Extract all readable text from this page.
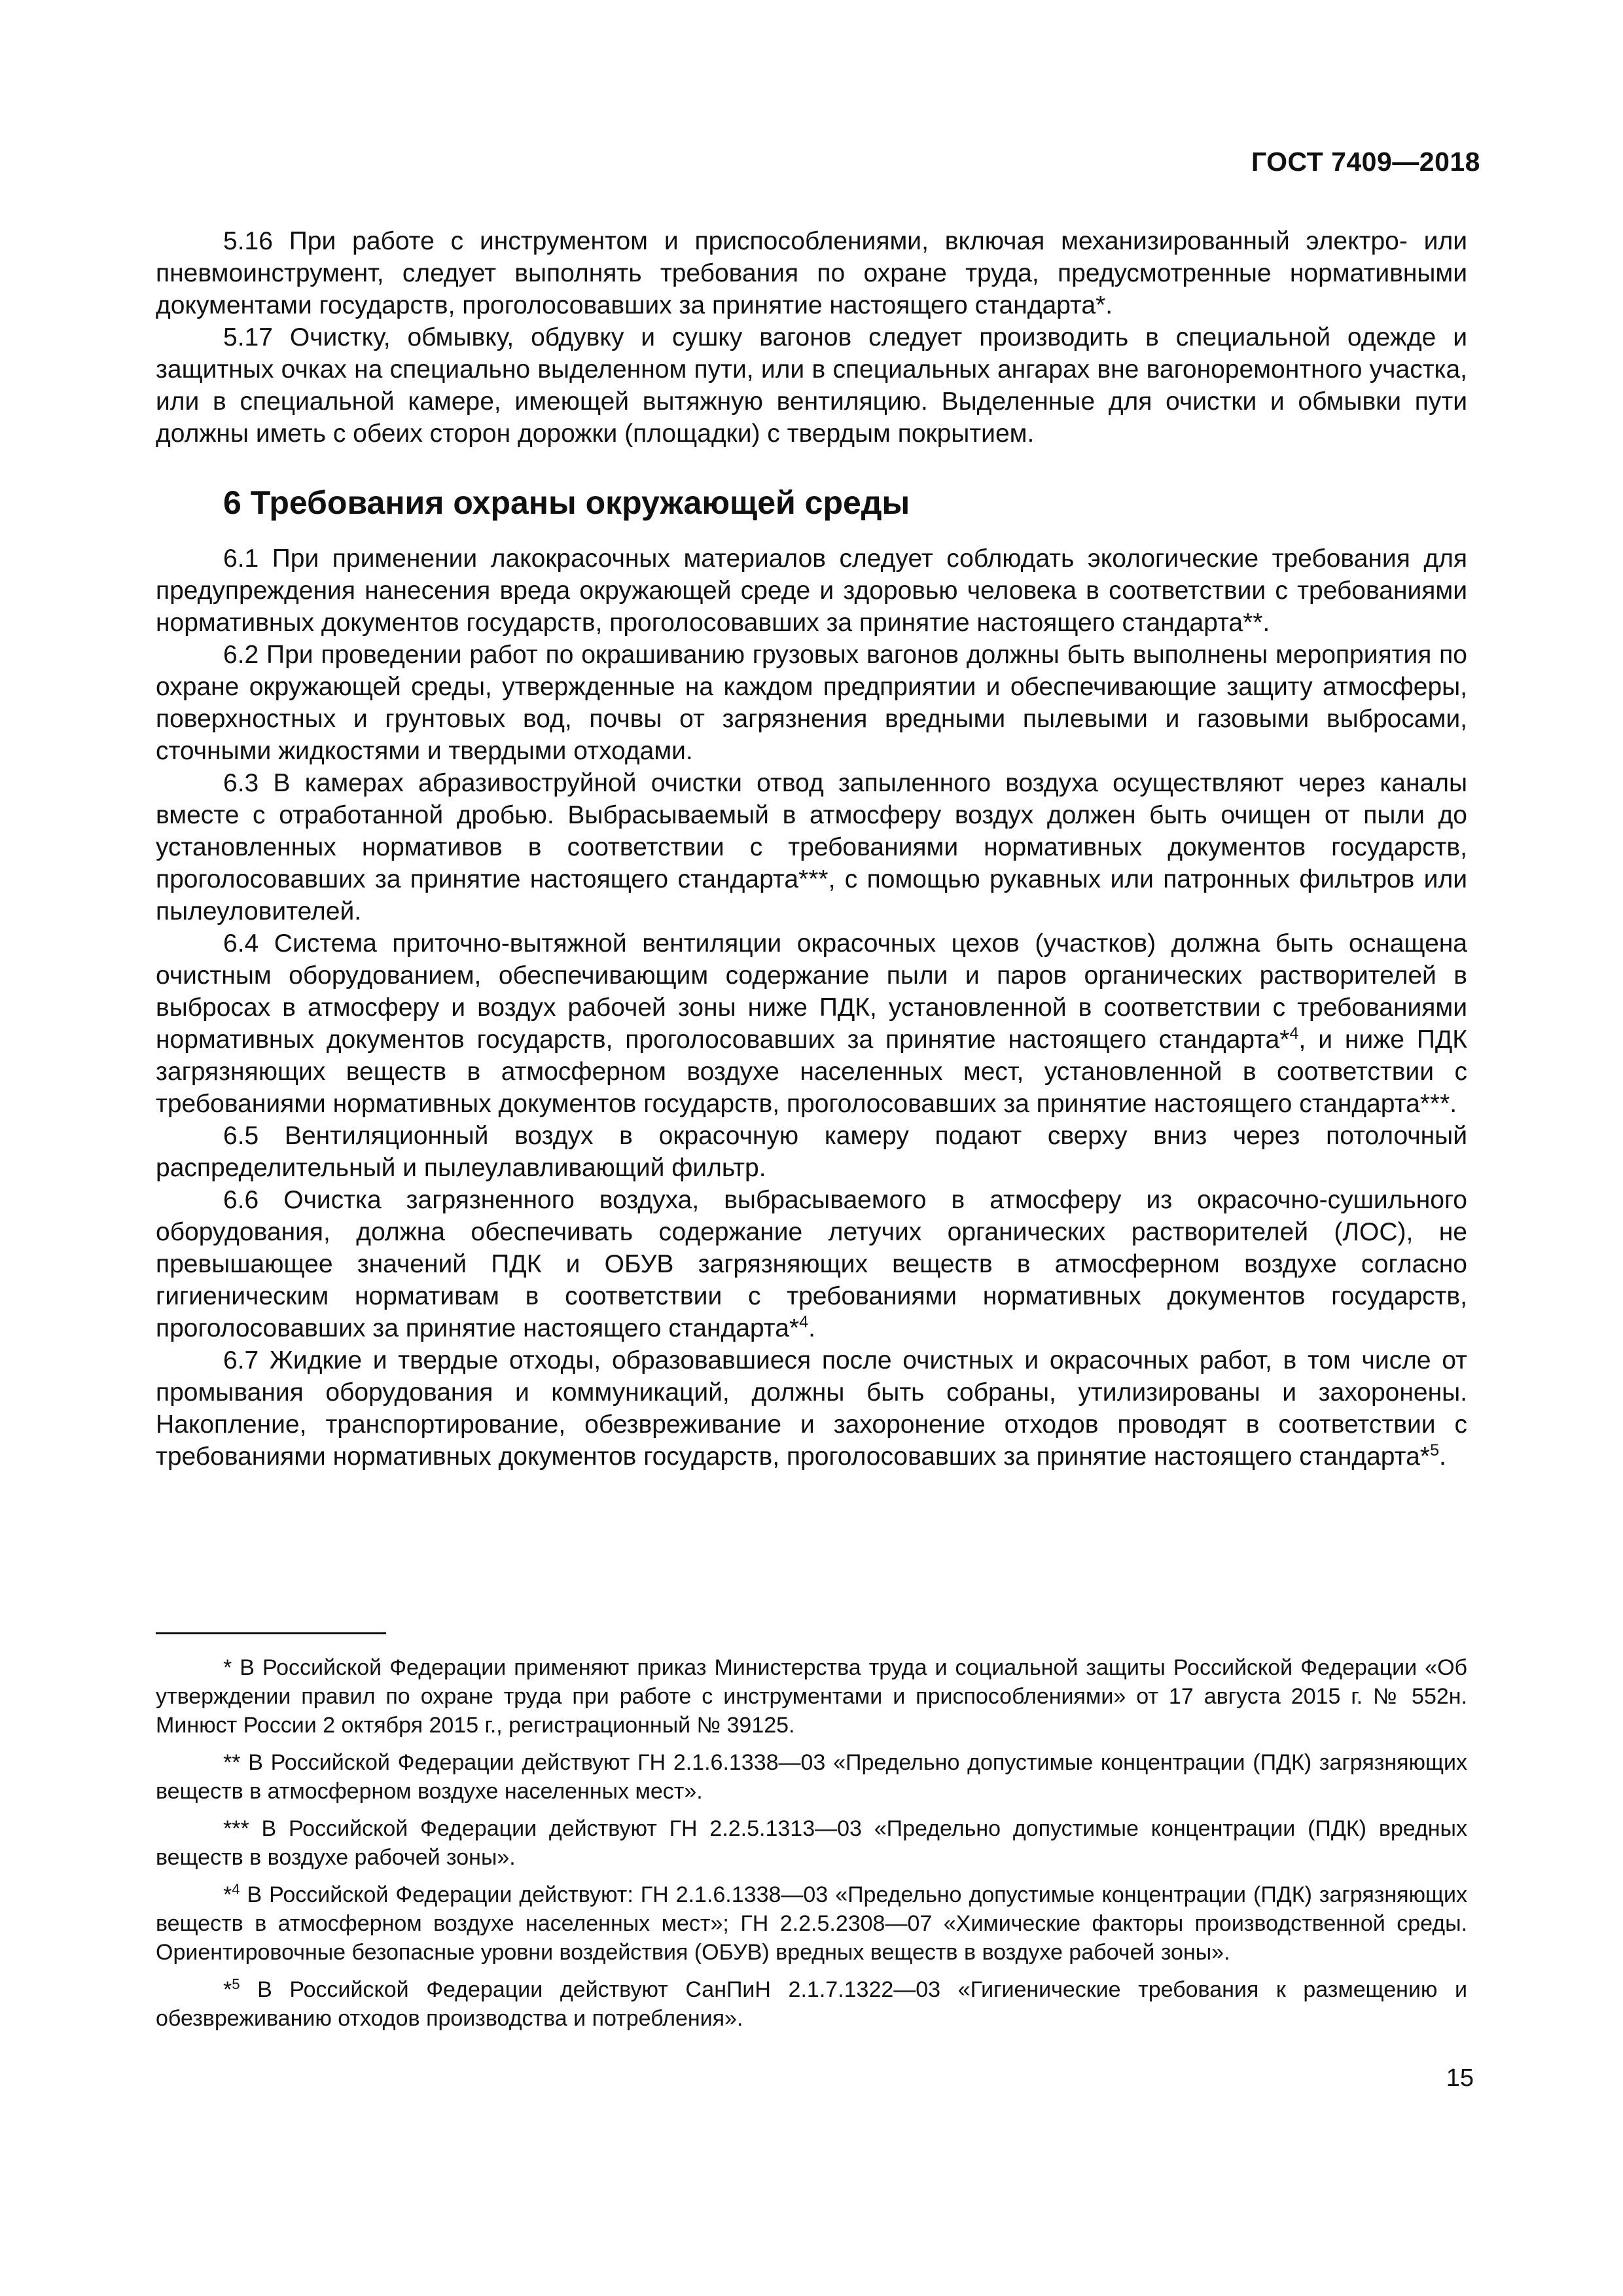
ГОСТ 7409—2018

5.16 При работе с инструментом и приспособлениями, включая механизированный электро- или пневмоинструмент, следует выполнять требования по охране труда, предусмотренные нормативными документами государств, проголосовавших за принятие настоящего стандарта*.

5.17 Очистку, обмывку, обдувку и сушку вагонов следует производить в специальной одежде и защитных очках на специально выделенном пути, или в специальных ангарах вне вагоноремонтного участка, или в специальной камере, имеющей вытяжную вентиляцию. Выделенные для очистки и обмывки пути должны иметь с обеих сторон дорожки (площадки) с твердым покрытием.

6 Требования охраны окружающей среды

6.1 При применении лакокрасочных материалов следует соблюдать экологические требования для предупреждения нанесения вреда окружающей среде и здоровью человека в соответствии с требованиями нормативных документов государств, проголосовавших за принятие настоящего стандарта**.

6.2 При проведении работ по окрашиванию грузовых вагонов должны быть выполнены мероприятия по охране окружающей среды, утвержденные на каждом предприятии и обеспечивающие защиту атмосферы, поверхностных и грунтовых вод, почвы от загрязнения вредными пылевыми и газовыми выбросами, сточными жидкостями и твердыми отходами.

6.3 В камерах абразивоструйной очистки отвод запыленного воздуха осуществляют через каналы вместе с отработанной дробью. Выбрасываемый в атмосферу воздух должен быть очищен от пыли до установленных нормативов в соответствии с требованиями нормативных документов государств, проголосовавших за принятие настоящего стандарта***, с помощью рукавных или патронных фильтров или пылеуловителей.

6.4 Система приточно-вытяжной вентиляции окрасочных цехов (участков) должна быть оснащена очистным оборудованием, обеспечивающим содержание пыли и паров органических растворителей в выбросах в атмосферу и воздух рабочей зоны ниже ПДК, установленной в соответствии с требованиями нормативных документов государств, проголосовавших за принятие настоящего стандарта*$^4$, и ниже ПДК загрязняющих веществ в атмосферном воздухе населенных мест, установленной в соответствии с требованиями нормативных документов государств, проголосовавших за принятие настоящего стандарта***.

6.5 Вентиляционный воздух в окрасочную камеру подают сверху вниз через потолочный распределительный и пылеулавливающий фильтр.

6.6 Очистка загрязненного воздуха, выбрасываемого в атмосферу из окрасочно-сушильного оборудования, должна обеспечивать содержание летучих органических растворителей (ЛОС), не превышающее значений ПДК и ОБУВ загрязняющих веществ в атмосферном воздухе согласно гигиеническим нормативам в соответствии с требованиями нормативных документов государств, проголосовавших за принятие настоящего стандарта*$^4$.

6.7 Жидкие и твердые отходы, образовавшиеся после очистных и окрасочных работ, в том числе от промывания оборудования и коммуникаций, должны быть собраны, утилизированы и захоронены. Накопление, транспортирование, обезвреживание и захоронение отходов проводят в соответствии с требованиями нормативных документов государств, проголосовавших за принятие настоящего стандарта*$^5$.

* В Российской Федерации применяют приказ Министерства труда и социальной защиты Российской Федерации «Об утверждении правил по охране труда при работе с инструментами и приспособлениями» от 17 августа 2015 г. № 552н. Минюст России 2 октября 2015 г., регистрационный № 39125.

** В Российской Федерации действуют ГН 2.1.6.1338—03 «Предельно допустимые концентрации (ПДК) загрязняющих веществ в атмосферном воздухе населенных мест».

*** В Российской Федерации действуют ГН 2.2.5.1313—03 «Предельно допустимые концентрации (ПДК) вредных веществ в воздухе рабочей зоны».

*$^4$ В Российской Федерации действуют: ГН 2.1.6.1338—03 «Предельно допустимые концентрации (ПДК) загрязняющих веществ в атмосферном воздухе населенных мест»; ГН 2.2.5.2308—07 «Химические факторы производственной среды. Ориентировочные безопасные уровни воздействия (ОБУВ) вредных веществ в воздухе рабочей зоны».

*$^5$ В Российской Федерации действуют СанПиН 2.1.7.1322—03 «Гигиенические требования к размещению и обезвреживанию отходов производства и потребления».

15
